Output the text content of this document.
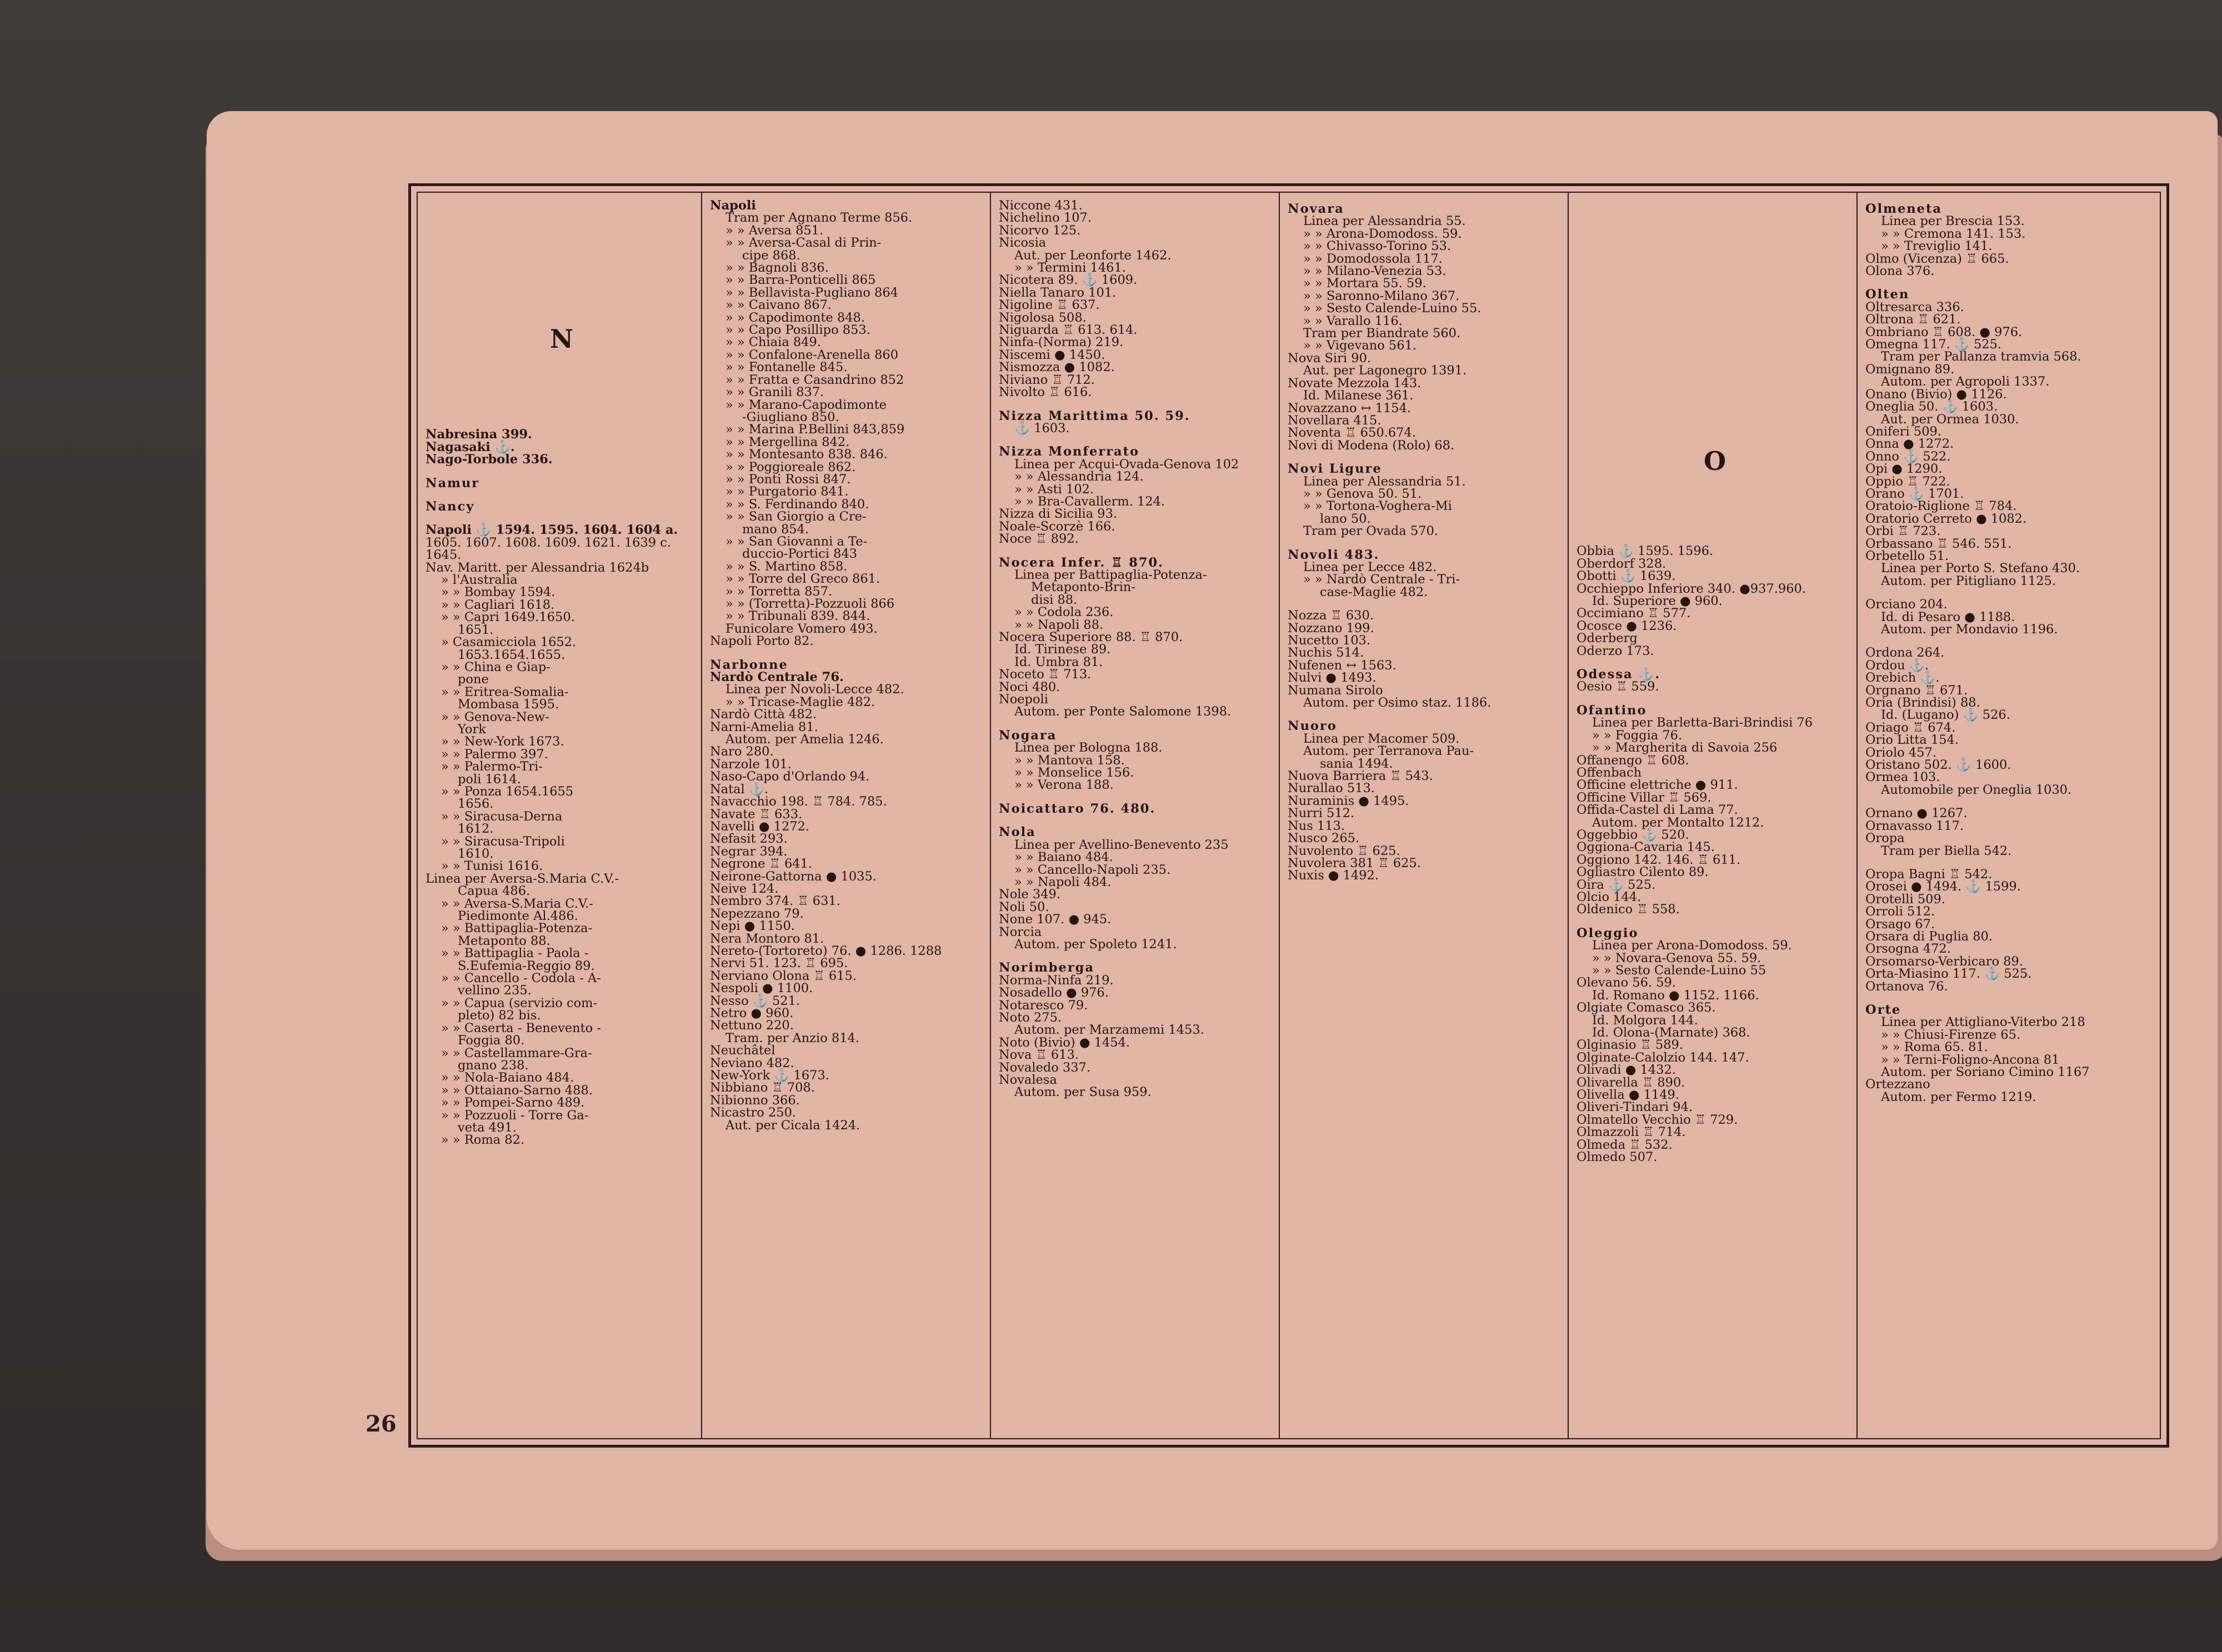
26
N
Nabresina 399.
Nagasaki ⚓.
Nago-Torbole 336.
Namur
Nancy
Napoli ⚓ 1594. 1595. 1604. 1604 a.
1605. 1607. 1608. 1609. 1621. 1639 c.
1645.
Nav. Maritt. per Alessandria 1624b
» l'Australia
» » Bombay 1594.
» » Cagliari 1618.
» » Capri 1649.1650.
1651.
» Casamicciola 1652.
1653.1654.1655.
» » China e Giap-
pone
» » Eritrea-Somalia-
Mombasa 1595.
» » Genova-New-
York
» » New-York 1673.
» » Palermo 397.
» » Palermo-Tri-
poli 1614.
» » Ponza 1654.1655
1656.
» » Siracusa-Derna
1612.
» » Siracusa-Tripoli
1610.
» » Tunisi 1616.
Linea per Aversa-S.Maria C.V.-
Capua 486.
» » Aversa-S.Maria C.V.-
Piedimonte Al.486.
» » Battipaglia-Potenza-
Metaponto 88.
» » Battipaglia - Paola -
S.Eufemia-Reggio 89.
» » Cancello - Codola - A-
vellino 235.
» » Capua (servizio com-
pleto) 82 bis.
» » Caserta - Benevento -
Foggia 80.
» » Castellammare-Gra-
gnano 238.
» » Nola-Baiano 484.
» » Ottaiano-Sarno 488.
» » Pompei-Sarno 489.
» » Pozzuoli - Torre Ga-
veta 491.
» » Roma 82.
Napoli
Tram per Agnano Terme 856.
» » Aversa 851.
» » Aversa-Casal di Prin-
cipe 868.
» » Bagnoli 836.
» » Barra-Ponticelli 865
» » Bellavista-Pugliano 864
» » Caivano 867.
» » Capodimonte 848.
» » Capo Posillipo 853.
» » Chiaia 849.
» » Confalone-Arenella 860
» » Fontanelle 845.
» » Fratta e Casandrino 852
» » Granili 837.
» » Marano-Capodimonte
-Giugliano 850.
» » Marina P.Bellini 843,859
» » Mergellina 842.
» » Montesanto 838. 846.
» » Poggioreale 862.
» » Ponti Rossi 847.
» » Purgatorio 841.
» » S. Ferdinando 840.
» » San Giorgio a Cre-
mano 854.
» » San Giovanni a Te-
duccio-Portici 843
» » S. Martino 858.
» » Torre del Greco 861.
» » Torretta 857.
» » (Torretta)-Pozzuoli 866
» » Tribunali 839. 844.
Funicolare Vomero 493.
Napoli Porto 82.
Narbonne
Nardò Centrale 76.
Linea per Novoli-Lecce 482.
» » Tricase-Maglie 482.
Nardò Città 482.
Narni-Amelia 81.
Autom. per Amelia 1246.
Naro 280.
Narzole 101.
Naso-Capo d'Orlando 94.
Natal ⚓.
Navacchio 198. ♖ 784. 785.
Navate ♖ 633.
Navelli ● 1272.
Nefasit 293.
Negrar 394.
Negrone ♖ 641.
Neirone-Gattorna ● 1035.
Neive 124.
Nembro 374. ♖ 631.
Nepezzano 79.
Nepi ● 1150.
Nera Montoro 81.
Nereto-(Tortoreto) 76. ● 1286. 1288
Nervi 51. 123. ♖ 695.
Nerviano Olona ♖ 615.
Nespoli ● 1100.
Nesso ⚓ 521.
Netro ● 960.
Nettuno 220.
Tram. per Anzio 814.
Neuchâtel
Neviano 482.
New-York ⚓ 1673.
Nibbiano ♖ 708.
Nibionno 366.
Nicastro 250.
Aut. per Cicala 1424.
Niccone 431.
Nichelino 107.
Nicorvo 125.
Nicosia
Aut. per Leonforte 1462.
» » Termini 1461.
Nicotera 89. ⚓ 1609.
Niella Tanaro 101.
Nigoline ♖ 637.
Nigolosa 508.
Niguarda ♖ 613. 614.
Ninfa-(Norma) 219.
Niscemi ● 1450.
Nismozza ● 1082.
Niviano ♖ 712.
Nivolto ♖ 616.
Nizza Marittima 50. 59.
⚓ 1603.
Nizza Monferrato
Linea per Acqui-Ovada-Genova 102
» » Alessandria 124.
» » Asti 102.
» » Bra-Cavallerm. 124.
Nizza di Sicilia 93.
Noale-Scorzè 166.
Noce ♖ 892.
Nocera Infer. ♖ 870.
Linea per Battipaglia-Potenza-
Metaponto-Brin-
disi 88.
» » Codola 236.
» » Napoli 88.
Nocera Superiore 88. ♖ 870.
Id. Tirinese 89.
Id. Umbra 81.
Noceto ♖ 713.
Noci 480.
Noepoli
Autom. per Ponte Salomone 1398.
Nogara
Linea per Bologna 188.
» » Mantova 158.
» » Monselice 156.
» » Verona 188.
Noicattaro 76. 480.
Nola
Linea per Avellino-Benevento 235
» » Baiano 484.
» » Cancello-Napoli 235.
» » Napoli 484.
Nole 349.
Noli 50.
None 107. ● 945.
Norcia
Autom. per Spoleto 1241.
Norimberga
Norma-Ninfa 219.
Nosadello ● 976.
Notaresco 79.
Noto 275.
Autom. per Marzamemi 1453.
Noto (Bivio) ● 1454.
Nova ♖ 613.
Novaledo 337.
Novalesa
Autom. per Susa 959.
Novara
Linea per Alessandria 55.
» » Arona-Domodoss. 59.
» » Chivasso-Torino 53.
» » Domodossola 117.
» » Milano-Venezia 53.
» » Mortara 55. 59.
» » Saronno-Milano 367.
» » Sesto Calende-Luino 55.
» » Varallo 116.
Tram per Biandrate 560.
» » Vigevano 561.
Nova Siri 90.
Aut. per Lagonegro 1391.
Novate Mezzola 143.
Id. Milanese 361.
Novazzano ↔ 1154.
Novellara 415.
Noventa ♖ 650.674.
Novi di Modena (Rolo) 68.
Novi Ligure
Linea per Alessandria 51.
» » Genova 50. 51.
» » Tortona-Voghera-Mi
lano 50.
Tram per Ovada 570.
Novoli 483.
Linea per Lecce 482.
» » Nardò Centrale - Tri-
case-Maglie 482.
Nozza ♖ 630.
Nozzano 199.
Nucetto 103.
Nuchis 514.
Nufenen ↔ 1563.
Nulvi ● 1493.
Numana Sirolo
Autom. per Osimo staz. 1186.
Nuoro
Linea per Macomer 509.
Autom. per Terranova Pau-
sania 1494.
Nuova Barriera ♖ 543.
Nurallao 513.
Nuraminis ● 1495.
Nurri 512.
Nus 113.
Nusco 265.
Nuvolento ♖ 625.
Nuvolera 381 ♖ 625.
Nuxis ● 1492.
O
Obbia ⚓ 1595. 1596.
Oberdorf 328.
Obotti ⚓ 1639.
Occhieppo Inferiore 340. ●937.960.
Id. Superiore ● 960.
Occimiano ♖ 577.
Ocosce ● 1236.
Oderberg
Oderzo 173.
Odessa ⚓.
Oesio ♖ 559.
Ofantino
Linea per Barletta-Bari-Brindisi 76
» » Foggia 76.
» » Margherita di Savoia 256
Offanengo ♖ 608.
Offenbach
Officine elettriche ● 911.
Officine Villar ♖ 569.
Offida-Castel di Lama 77.
Autom. per Montalto 1212.
Oggebbio ⚓ 520.
Oggiona-Cavaria 145.
Oggiono 142. 146. ♖ 611.
Ogliastro Cilento 89.
Oira ⚓ 525.
Olcio 144.
Oldenico ♖ 558.
Oleggio
Linea per Arona-Domodoss. 59.
» » Novara-Genova 55. 59.
» » Sesto Calende-Luino 55
Olevano 56. 59.
Id. Romano ● 1152. 1166.
Olgiate Comasco 365.
Id. Molgora 144.
Id. Olona-(Marnate) 368.
Olginasio ♖ 589.
Olginate-Calolzio 144. 147.
Olivadi ● 1432.
Olivarella ♖ 890.
Olivella ● 1149.
Oliveri-Tindari 94.
Olmatello Vecchio ♖ 729.
Olmazzoli ♖ 714.
Olmeda ♖ 532.
Olmedo 507.
Olmeneta
Linea per Brescia 153.
» » Cremona 141. 153.
» » Treviglio 141.
Olmo (Vicenza) ♖ 665.
Olona 376.
Olten
Oltresarca 336.
Oltrona ♖ 621.
Ombriano ♖ 608. ● 976.
Omegna 117. ⚓ 525.
Tram per Pallanza tramvia 568.
Omignano 89.
Autom. per Agropoli 1337.
Onano (Bivio) ● 1126.
Oneglia 50. ⚓ 1603.
Aut. per Ormea 1030.
Oniferi 509.
Onna ● 1272.
Onno ⚓ 522.
Opi ● 1290.
Oppio ♖ 722.
Orano ⚓ 1701.
Oratoio-Riglione ♖ 784.
Oratorio Cerreto ● 1082.
Orbi ♖ 723.
Orbassano ♖ 546. 551.
Orbetello 51.
Linea per Porto S. Stefano 430.
Autom. per Pitigliano 1125.
Orciano 204.
Id. di Pesaro ● 1188.
Autom. per Mondavio 1196.
Ordona 264.
Ordou ⚓.
Orebich ⚓.
Orgnano ♖ 671.
Oria (Brindisi) 88.
Id. (Lugano) ⚓ 526.
Oriago ♖ 674.
Orio Litta 154.
Oriolo 457.
Oristano 502. ⚓ 1600.
Ormea 103.
Automobile per Oneglia 1030.
Ornano ● 1267.
Ornavasso 117.
Oropa
Tram per Biella 542.
Oropa Bagni ♖ 542.
Orosei ● 1494. ⚓ 1599.
Orotelli 509.
Orroli 512.
Orsago 67.
Orsara di Puglia 80.
Orsogna 472.
Orsomarso-Verbicaro 89.
Orta-Miasino 117. ⚓ 525.
Ortanova 76.
Orte
Linea per Attigliano-Viterbo 218
» » Chiusi-Firenze 65.
» » Roma 65. 81.
» » Terni-Foligno-Ancona 81
Autom. per Soriano Cimino 1167
Ortezzano
Autom. per Fermo 1219.
